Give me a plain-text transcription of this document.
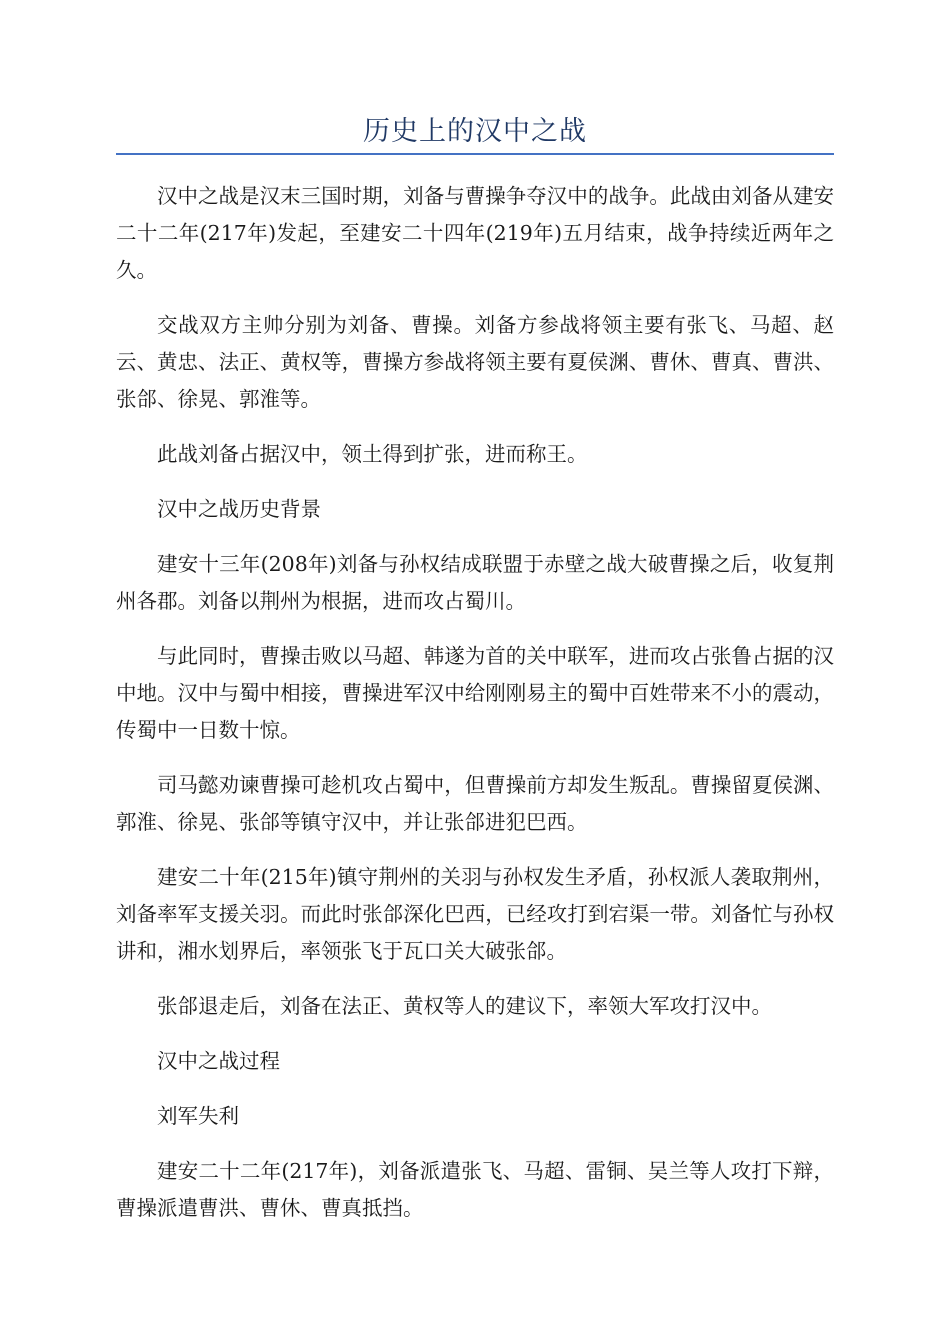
历史上的汉中之战

汉中之战是汉末三国时期，刘备与曹操争夺汉中的战争。此战由刘备从建安二十二年(217年)发起，至建安二十四年(219年)五月结束，战争持续近两年之久。

交战双方主帅分别为刘备、曹操。刘备方参战将领主要有张飞、马超、赵云、黄忠、法正、黄权等，曹操方参战将领主要有夏侯渊、曹休、曹真、曹洪、张郃、徐晃、郭淮等。

此战刘备占据汉中，领土得到扩张，进而称王。

汉中之战历史背景

建安十三年(208年)刘备与孙权结成联盟于赤壁之战大破曹操之后，收复荆州各郡。刘备以荆州为根据，进而攻占蜀川。

与此同时，曹操击败以马超、韩遂为首的关中联军，进而攻占张鲁占据的汉中地。汉中与蜀中相接，曹操进军汉中给刚刚易主的蜀中百姓带来不小的震动，传蜀中一日数十惊。

司马懿劝谏曹操可趁机攻占蜀中，但曹操前方却发生叛乱。曹操留夏侯渊、郭淮、徐晃、张郃等镇守汉中，并让张郃进犯巴西。

建安二十年(215年)镇守荆州的关羽与孙权发生矛盾，孙权派人袭取荆州，刘备率军支援关羽。而此时张郃深化巴西，已经攻打到宕渠一带。刘备忙与孙权讲和，湘水划界后，率领张飞于瓦口关大破张郃。

张郃退走后，刘备在法正、黄权等人的建议下，率领大军攻打汉中。

汉中之战过程

刘军失利

建安二十二年(217年)，刘备派遣张飞、马超、雷铜、吴兰等人攻打下辩，曹操派遣曹洪、曹休、曹真抵挡。
